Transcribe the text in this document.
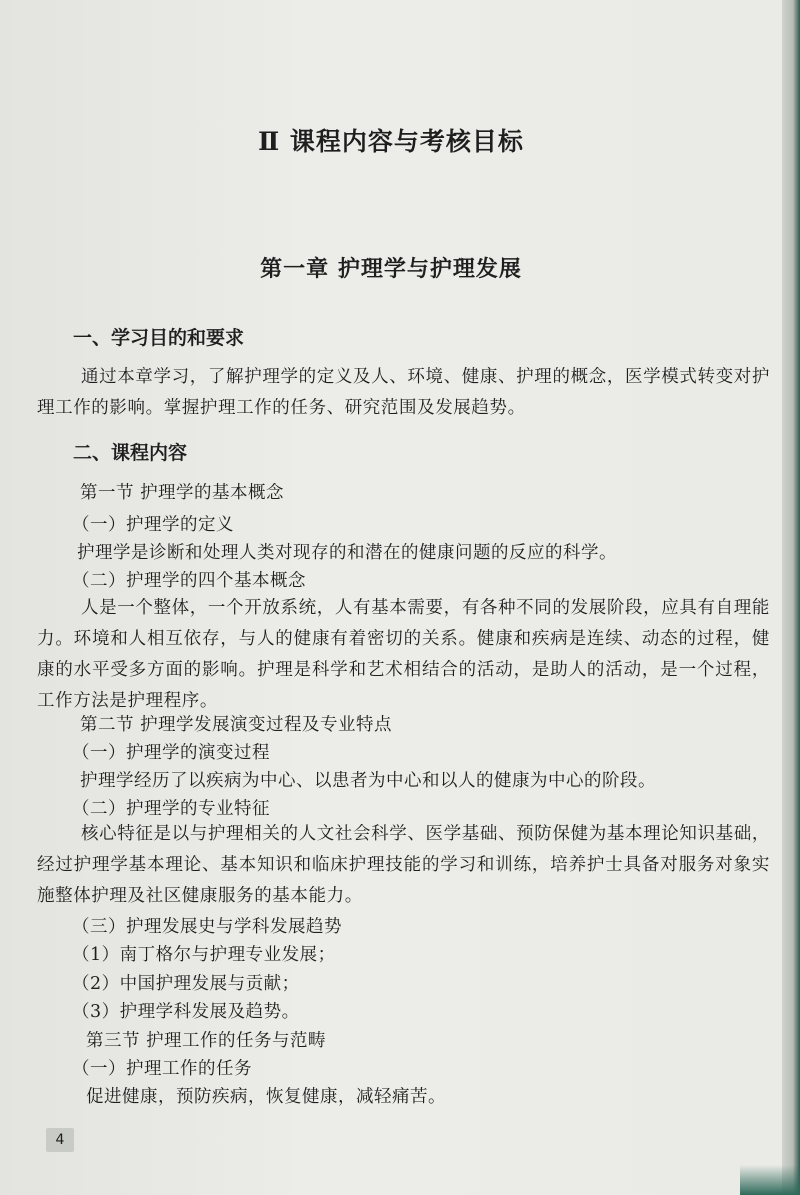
Ⅱ 课程内容与考核目标
第一章 护理学与护理发展
一、学习目的和要求

通过本章学习，了解护理学的定义及人、环境、健康、护理的概念，医学模式转变对护理工作的影响。掌握护理工作的任务、研究范围及发展趋势。

二、课程内容
第一节 护理学的基本概念
（一）护理学的定义
护理学是诊断和处理人类对现存的和潜在的健康问题的反应的科学。
（二）护理学的四个基本概念

人是一个整体，一个开放系统，人有基本需要，有各种不同的发展阶段，应具有自理能力。环境和人相互依存，与人的健康有着密切的关系。健康和疾病是连续、动态的过程，健康的水平受多方面的影响。护理是科学和艺术相结合的活动，是助人的活动，是一个过程，工作方法是护理程序。

第二节 护理学发展演变过程及专业特点
（一）护理学的演变过程
护理学经历了以疾病为中心、以患者为中心和以人的健康为中心的阶段。
（二）护理学的专业特征

核心特征是以与护理相关的人文社会科学、医学基础、预防保健为基本理论知识基础，经过护理学基本理论、基本知识和临床护理技能的学习和训练，培养护士具备对服务对象实施整体护理及社区健康服务的基本能力。

（三）护理发展史与学科发展趋势
（1）南丁格尔与护理专业发展；
（2）中国护理发展与贡献；
（3）护理学科发展及趋势。
第三节 护理工作的任务与范畴
（一）护理工作的任务
促进健康，预防疾病，恢复健康，减轻痛苦。
4
